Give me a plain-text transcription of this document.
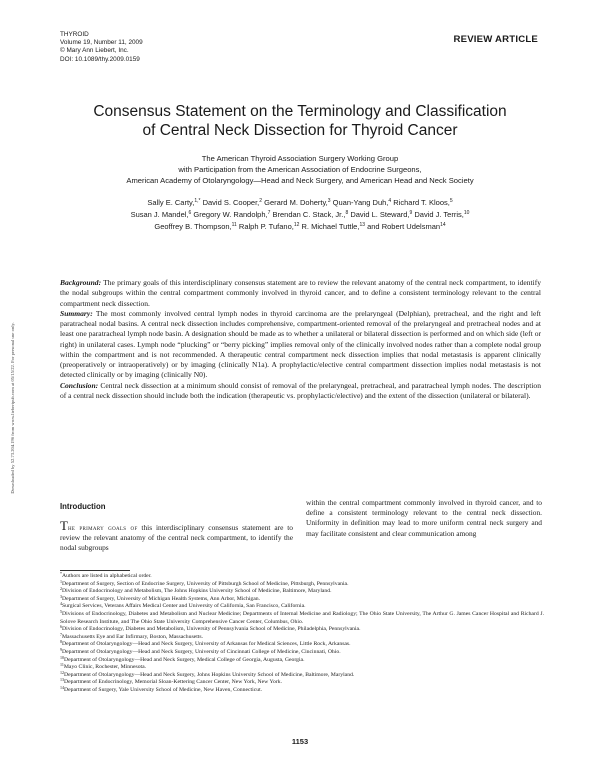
THYROID
Volume 19, Number 11, 2009
© Mary Ann Liebert, Inc.
DOI: 10.1089/thy.2009.0159
REVIEW ARTICLE
Consensus Statement on the Terminology and Classification
of Central Neck Dissection for Thyroid Cancer
The American Thyroid Association Surgery Working Group
with Participation from the American Association of Endocrine Surgeons,
American Academy of Otolaryngology—Head and Neck Surgery, and American Head and Neck Society
Sally E. Carty,$^{1,*}$ David S. Cooper,$^2$ Gerard M. Doherty,$^3$ Quan-Yang Duh,$^4$ Richard T. Kloos,$^5$
Susan J. Mandel,$^6$ Gregory W. Randolph,$^7$ Brendan C. Stack, Jr.,$^8$ David L. Steward,$^9$ David J. Terris,$^{10}$
Geoffrey B. Thompson,$^{11}$ Ralph P. Tufano,$^{12}$ R. Michael Tuttle,$^{13}$ and Robert Udelsman$^{14}$
Downloaded by 52.73.204.196 from www.liebertpub.com at 05/15/22. For personal use only.

Background: The primary goals of this interdisciplinary consensus statement are to review the relevant anatomy of the central neck compartment, to identify the nodal subgroups within the central compartment commonly involved in thyroid cancer, and to define a consistent terminology relevant to the central compartment neck dissection.

Summary: The most commonly involved central lymph nodes in thyroid carcinoma are the prelaryngeal (Delphian), pretracheal, and the right and left paratracheal nodal basins. A central neck dissection includes comprehensive, compartment-oriented removal of the prelaryngeal and pretracheal nodes and at least one paratracheal lymph node basin. A designation should be made as to whether a unilateral or bilateral dissection is performed and on which side (left or right) in unilateral cases. Lymph node “plucking” or “berry picking” implies removal only of the clinically involved nodes rather than a complete nodal group within the compartment and is not recommended. A therapeutic central compartment neck dissection implies that nodal metastasis is apparent clinically (preoperatively or intraoperatively) or by imaging (clinically N1a). A prophylactic/elective central compartment dissection implies nodal metastasis is not detected clinically or by imaging (clinically N0).

Conclusion: Central neck dissection at a minimum should consist of removal of the prelaryngeal, pretracheal, and paratracheal lymph nodes. The description of a central neck dissection should include both the indication (therapeutic vs. prophylactic/elective) and the extent of the dissection (unilateral or bilateral).

Introduction
The primary goals of this interdisciplinary consensus statement are to review the relevant anatomy of the central neck compartment, to identify the nodal subgroups
within the central compartment commonly involved in thyroid cancer, and to define a consistent terminology relevant to the central neck dissection. Uniformity in definition may lead to more uniform central neck surgery and may facilitate consistent and clear communication among
*Authors are listed in alphabetical order.
$^1$Department of Surgery, Section of Endocrine Surgery, University of Pittsburgh School of Medicine, Pittsburgh, Pennsylvania.
$^2$Division of Endocrinology and Metabolism, The Johns Hopkins University School of Medicine, Baltimore, Maryland.
$^3$Department of Surgery, University of Michigan Health Systems, Ann Arbor, Michigan.
$^4$Surgical Services, Veterans Affairs Medical Center and University of California, San Francisco, California.
$^5$Divisions of Endocrinology, Diabetes and Metabolism and Nuclear Medicine; Departments of Internal Medicine and Radiology; The Ohio State University, The Arthur G. James Cancer Hospital and Richard J. Solove Research Institute, and The Ohio State University Comprehensive Cancer Center, Columbus, Ohio.
$^6$Division of Endocrinology, Diabetes and Metabolism, University of Pennsylvania School of Medicine, Philadelphia, Pennsylvania.
$^7$Massachusetts Eye and Ear Infirmary, Boston, Massachusetts.
$^8$Department of Otolaryngology—Head and Neck Surgery, University of Arkansas for Medical Sciences, Little Rock, Arkansas.
$^9$Department of Otolaryngology—Head and Neck Surgery, University of Cincinnati College of Medicine, Cincinnati, Ohio.
$^{10}$Department of Otolaryngology—Head and Neck Surgery, Medical College of Georgia, Augusta, Georgia.
$^{11}$Mayo Clinic, Rochester, Minnesota.
$^{12}$Department of Otolaryngology—Head and Neck Surgery, Johns Hopkins University School of Medicine, Baltimore, Maryland.
$^{13}$Department of Endocrinology, Memorial Sloan-Kettering Cancer Center, New York, New York.
$^{14}$Department of Surgery, Yale University School of Medicine, New Haven, Connecticut.
1153
